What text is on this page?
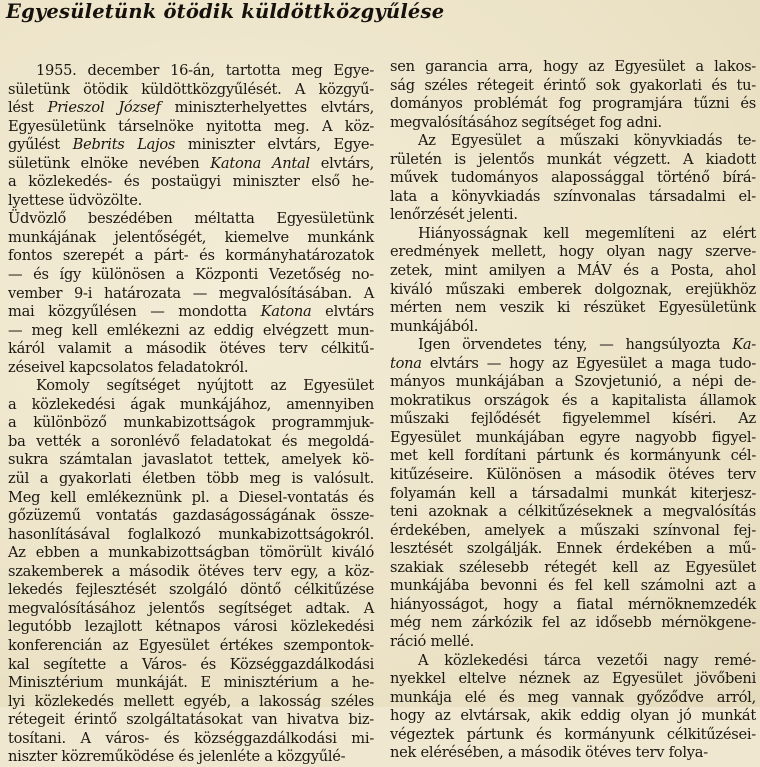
Egyesületünk ötödik küldöttközgyűlése
1955. december 16-án, tartotta meg Egye-
sületünk ötödik küldöttközgyűlését. A közgyű-
lést Prieszol József miniszterhelyettes elvtárs,
Egyesületünk társelnöke nyitotta meg. A köz-
gyűlést Bebrits Lajos miniszter elvtárs, Egye-
sületünk elnöke nevében Katona Antal elvtárs,
a közlekedés- és postaügyi miniszter első he-
lyettese üdvözölte.
Üdvözlő beszédében méltatta Egyesületünk
munkájának jelentőségét, kiemelve munkánk
fontos szerepét a párt- és kormányhatározatok
— és így különösen a Központi Vezetőség no-
vember 9-i határozata — megvalósításában. A
mai közgyűlésen — mondotta Katona elvtárs
— meg kell emlékezni az eddig elvégzett mun-
káról valamit a második ötéves terv célkitű-
zéseivel kapcsolatos feladatokról.
Komoly segítséget nyújtott az Egyesület
a közlekedési ágak munkájához, amennyiben
a különböző munkabizottságok programmjuk-
ba vették a soronlévő feladatokat és megoldá-
sukra számtalan javaslatot tettek, amelyek kö-
zül a gyakorlati életben több meg is valósult.
Meg kell emlékeznünk pl. a Diesel-vontatás és
gőzüzemű vontatás gazdaságosságának össze-
hasonlításával foglalkozó munkabizottságokról.
Az ebben a munkabizottságban tömörült kiváló
szakemberek a második ötéves terv egy, a köz-
lekedés fejlesztését szolgáló döntő célkitűzése
megvalósításához jelentős segítséget adtak. A
legutóbb lezajlott kétnapos városi közlekedési
konferencián az Egyesület értékes szempontok-
kal segítette a Város- és Községgazdálkodási
Minisztérium munkáját. E minisztérium a he-
lyi közlekedés mellett egyéb, a lakosság széles
rétegeit érintő szolgáltatásokat van hivatva biz-
tosítani. A város- és községgazdálkodási mi-
niszter közreműködése és jelenléte a közgyűlé-
sen garancia arra, hogy az Egyesület a lakos-
ság széles rétegeit érintő sok gyakorlati és tu-
dományos problémát fog programjára tűzni és
megvalósításához segítséget fog adni.
Az Egyesület a műszaki könyvkiadás te-
rületén is jelentős munkát végzett. A kiadott
művek tudományos alapossággal történő bírá-
lata a könyvkiadás színvonalas társadalmi el-
lenőrzését jelenti.
Hiányosságnak kell megemlíteni az elért
eredmények mellett, hogy olyan nagy szerve-
zetek, mint amilyen a MÁV és a Posta, ahol
kiváló műszaki emberek dolgoznak, erejükhöz
mérten nem veszik ki részüket Egyesületünk
munkájából.
Igen örvendetes tény, — hangsúlyozta Ka-
tona elvtárs — hogy az Egyesület a maga tudo-
mányos munkájában a Szovjetunió, a népi de-
mokratikus országok és a kapitalista államok
műszaki fejlődését figyelemmel kíséri. Az
Egyesület munkájában egyre nagyobb figyel-
met kell fordítani pártunk és kormányunk cél-
kitűzéseire. Különösen a második ötéves terv
folyamán kell a társadalmi munkát kiterjesz-
teni azoknak a célkitűzéseknek a megvalósítás
érdekében, amelyek a műszaki színvonal fej-
lesztését szolgálják. Ennek érdekében a mű-
szakiak szélesebb rétegét kell az Egyesület
munkájába bevonni és fel kell számolni azt a
hiányosságot, hogy a fiatal mérnöknemzedék
még nem zárkózik fel az idősebb mérnökgene-
ráció mellé.
A közlekedési tárca vezetői nagy remé-
nyekkel eltelve néznek az Egyesület jövőbeni
munkája elé és meg vannak győződve arról,
hogy az elvtársak, akik eddig olyan jó munkát
végeztek pártunk és kormányunk célkitűzései-
nek elérésében, a második ötéves terv folya-
